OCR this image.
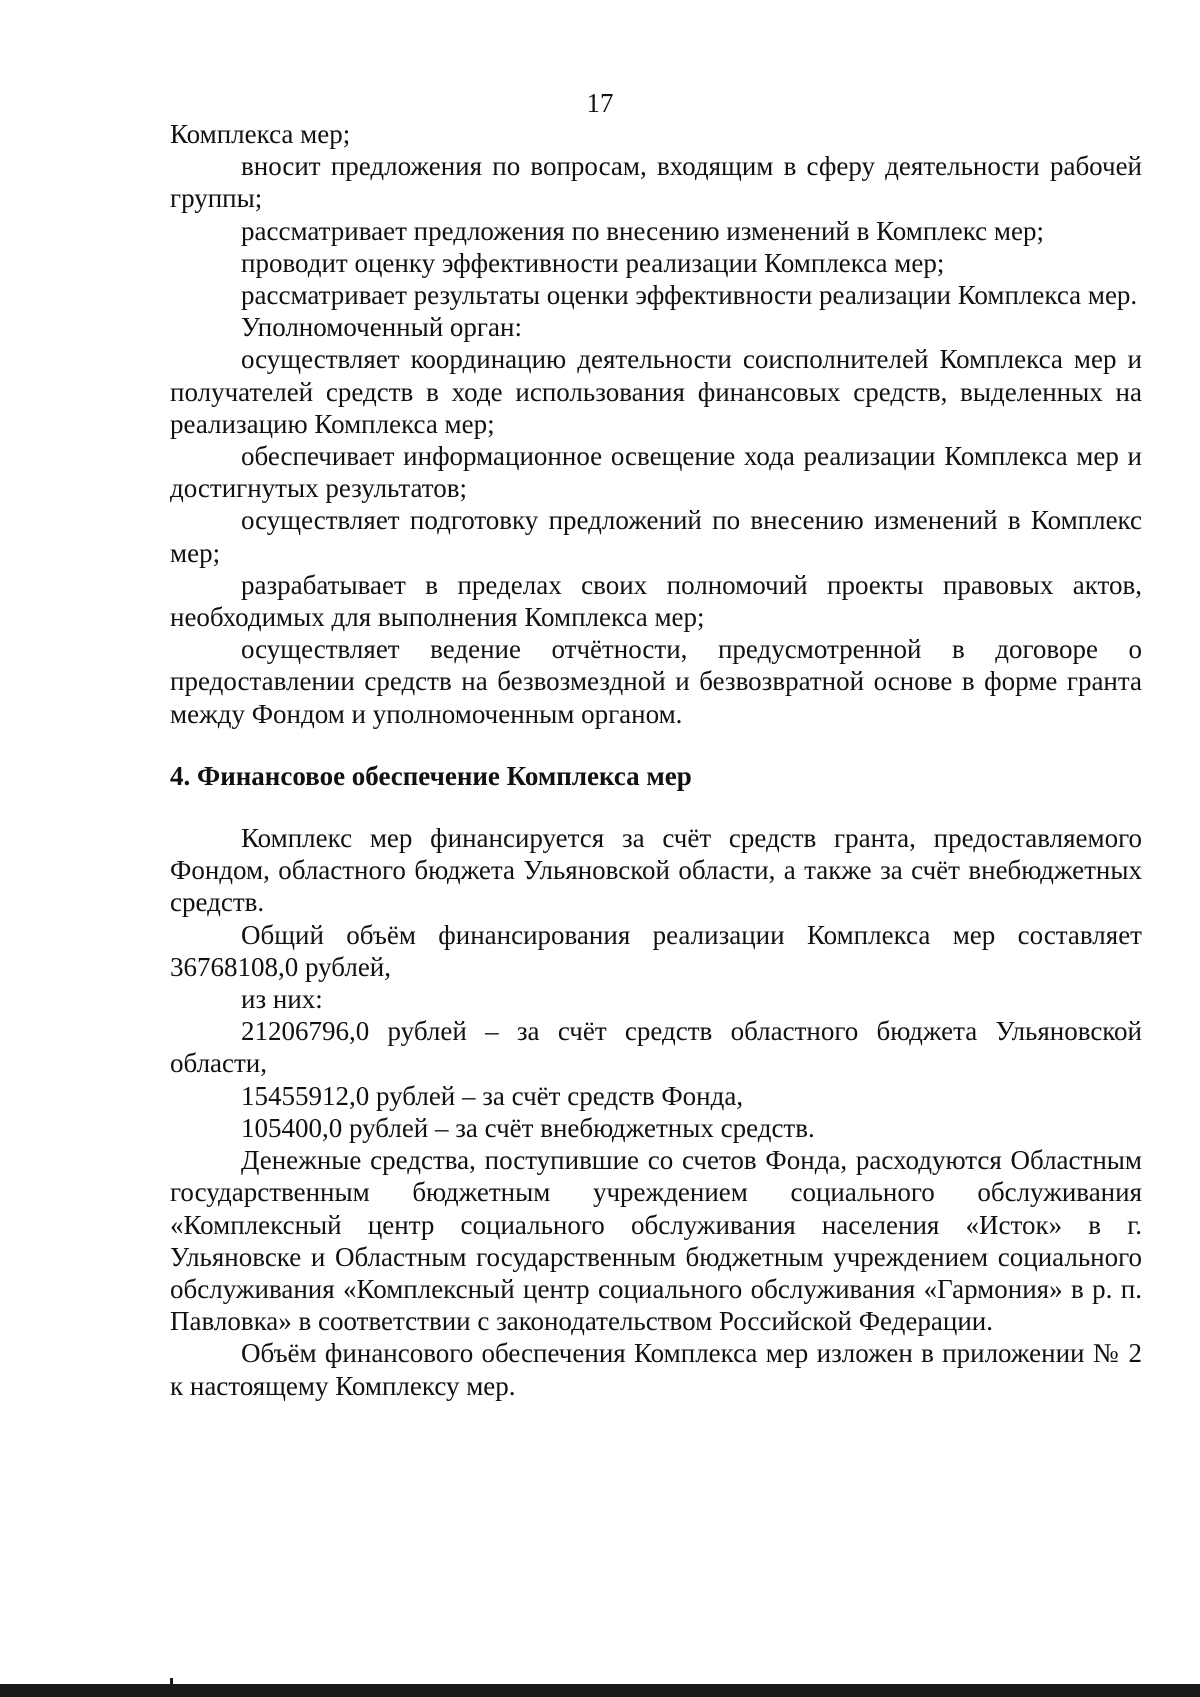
17

Комплекса мер;

вносит предложения по вопросам, входящим в сферу деятельности рабочей группы;

рассматривает предложения по внесению изменений в Комплекс мер;

проводит оценку эффективности реализации Комплекса мер;

рассматривает результаты оценки эффективности реализации Комплекса мер.

Уполномоченный орган:

осуществляет координацию деятельности соисполнителей Комплекса мер и получателей средств в ходе использования финансовых средств, выделенных на реализацию Комплекса мер;

обеспечивает информационное освещение хода реализации Комплекса мер и достигнутых результатов;

осуществляет подготовку предложений по внесению изменений в Комплекс мер;

разрабатывает в пределах своих полномочий проекты правовых актов, необходимых для выполнения Комплекса мер;

осуществляет ведение отчётности, предусмотренной в договоре о предоставлении средств на безвозмездной и безвозвратной основе в форме гранта между Фондом и уполномоченным органом.

4. Финансовое обеспечение Комплекса мер

Комплекс мер финансируется за счёт средств гранта, предоставляемого Фондом, областного бюджета Ульяновской области, а также за счёт внебюджетных средств.

Общий объём финансирования реализации Комплекса мер составляет 36768108,0 рублей,

из них:

21206796,0 рублей – за счёт средств областного бюджета Ульяновской области,

15455912,0 рублей – за счёт средств Фонда,

105400,0 рублей – за счёт внебюджетных средств.

Денежные средства, поступившие со счетов Фонда, расходуются Областным государственным бюджетным учреждением социального обслуживания «Комплексный центр социального обслуживания населения «Исток» в г. Ульяновске и Областным государственным бюджетным учреждением социального обслуживания «Комплексный центр социального обслуживания «Гармония» в р. п. Павловка» в соответствии с законодательством Российской Федерации.

Объём финансового обеспечения Комплекса мер изложен в приложении № 2 к настоящему Комплексу мер.
